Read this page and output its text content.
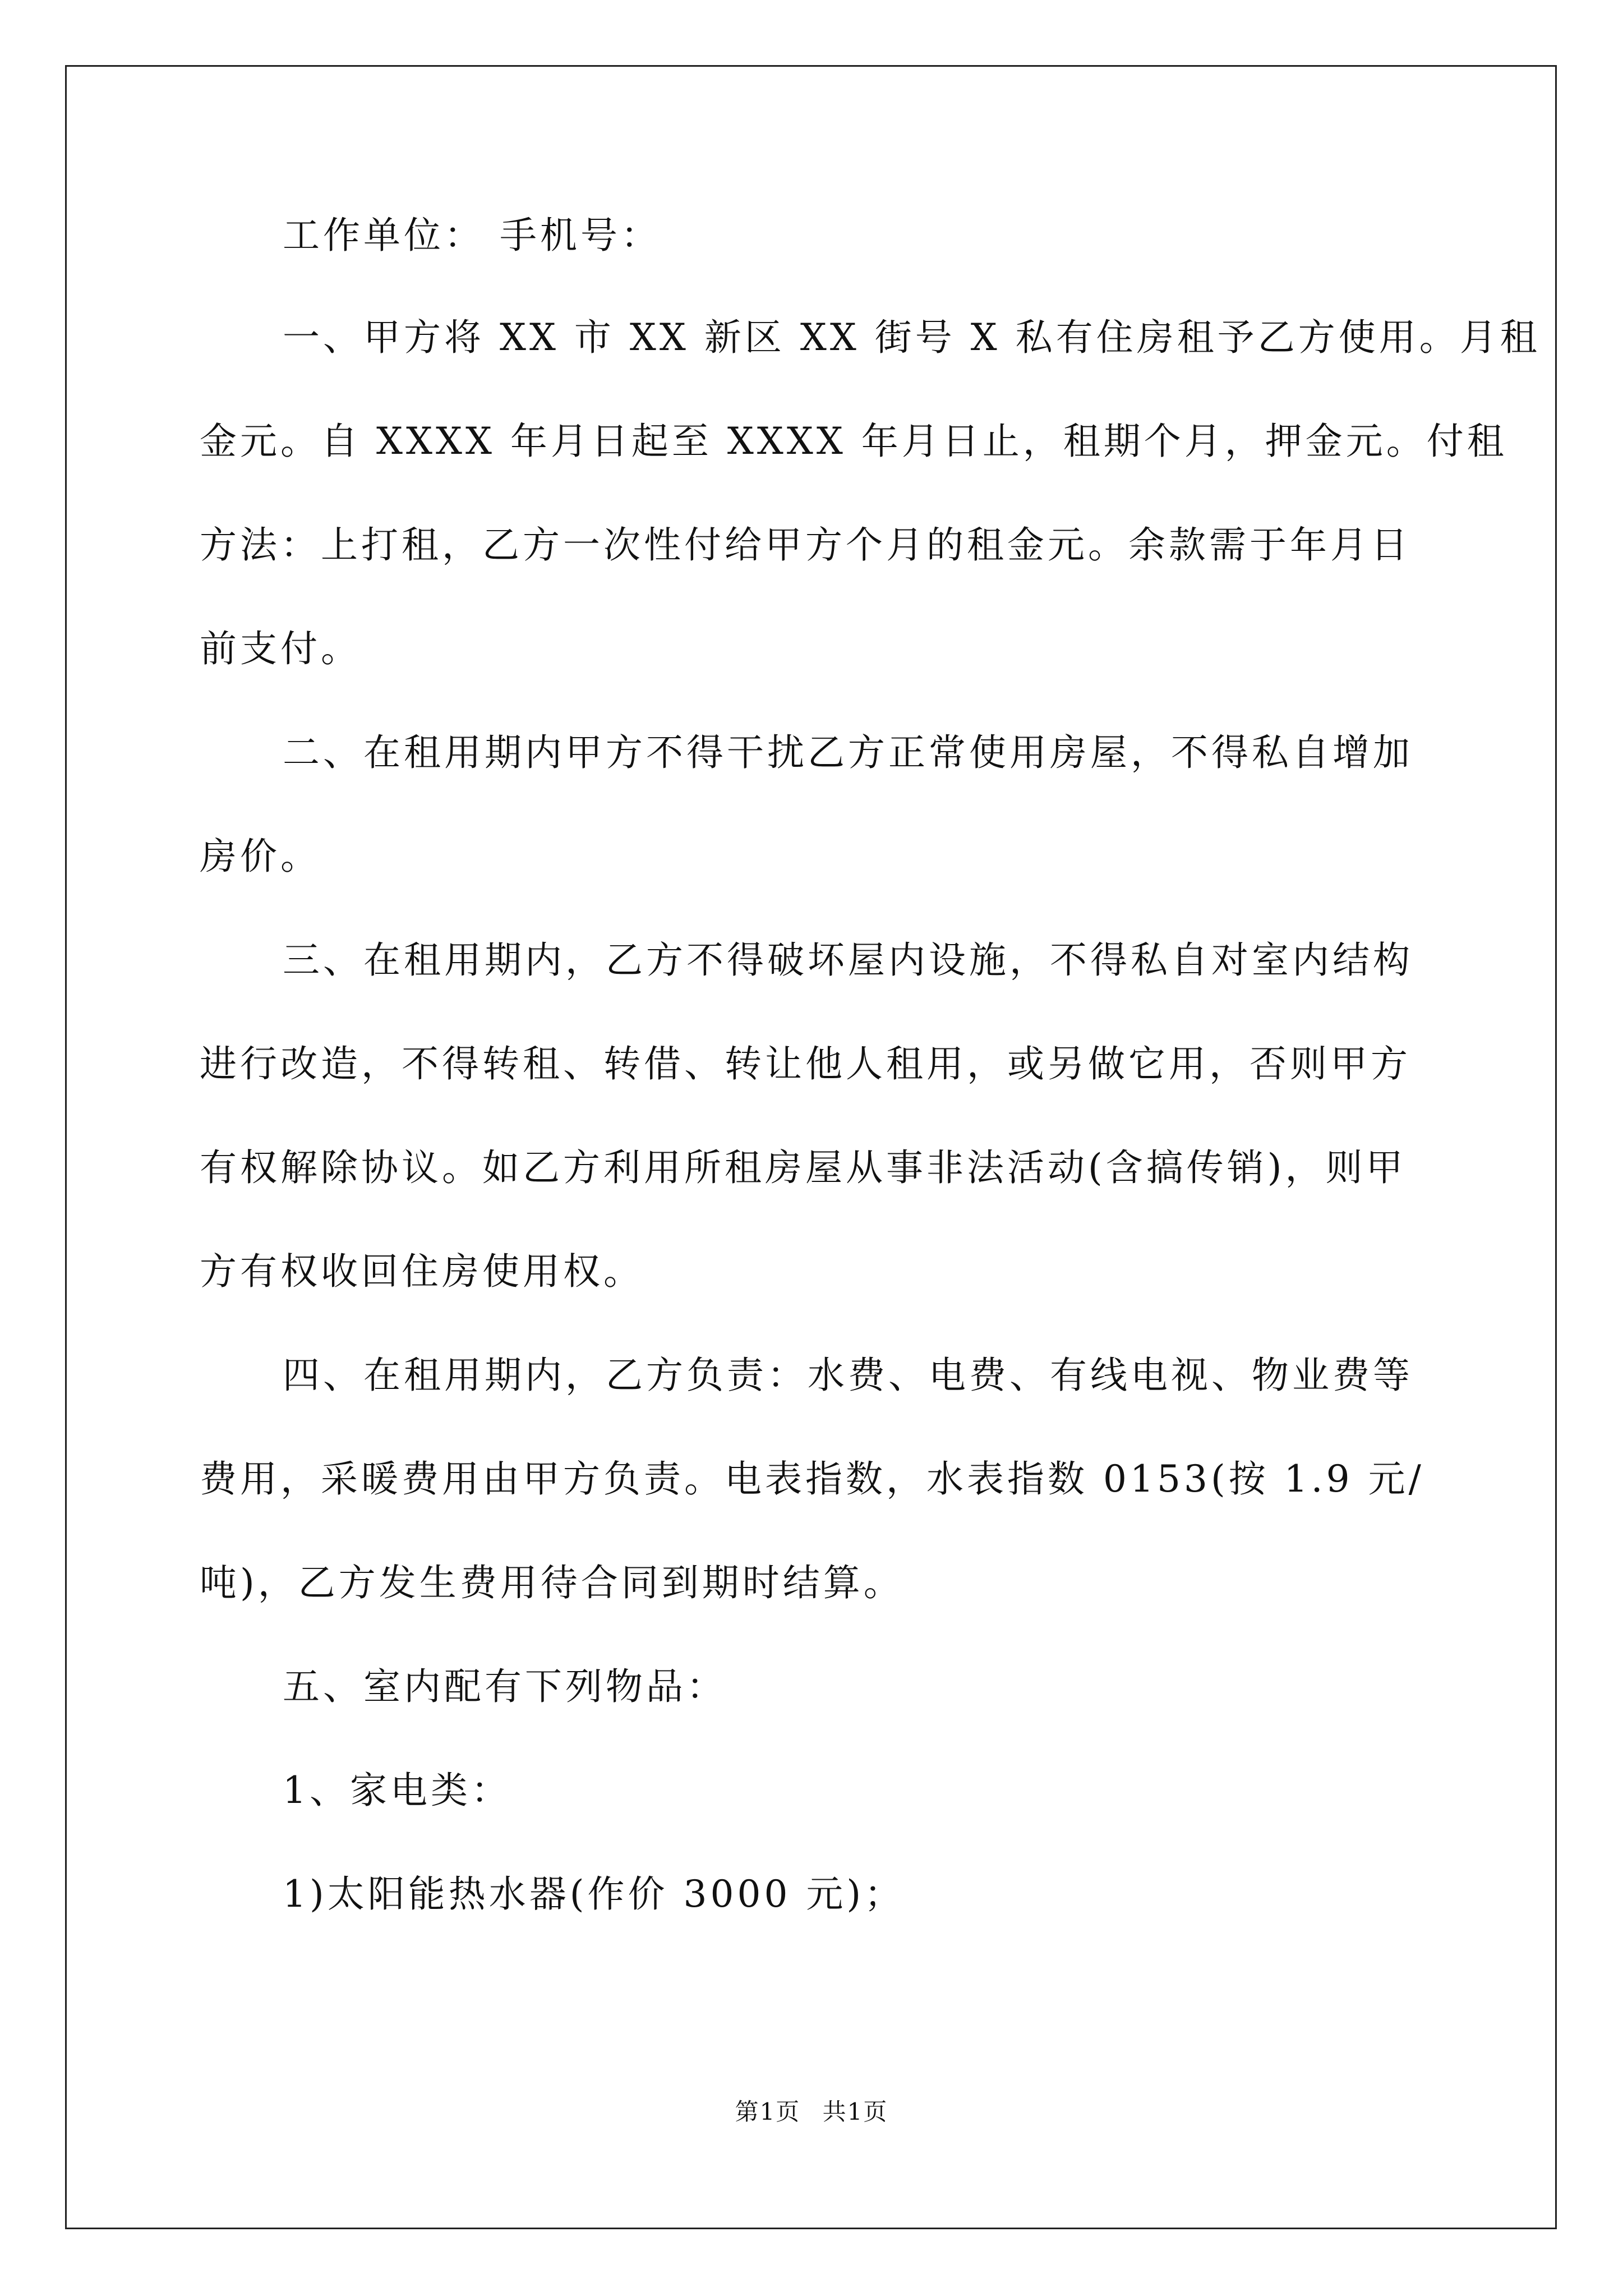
工作单位： 手机号：
一、甲方将 XX 市 XX 新区 XX 街号 X 私有住房租予乙方使用。月租
金元。自 XXXX 年月日起至 XXXX 年月日止，租期个月，押金元。付租
方法：上打租，乙方一次性付给甲方个月的租金元。余款需于年月日
前支付。
二、在租用期内甲方不得干扰乙方正常使用房屋，不得私自增加
房价。
三、在租用期内，乙方不得破坏屋内设施，不得私自对室内结构
进行改造，不得转租、转借、转让他人租用，或另做它用，否则甲方
有权解除协议。如乙方利用所租房屋从事非法活动(含搞传销)，则甲
方有权收回住房使用权。
四、在租用期内，乙方负责：水费、电费、有线电视、物业费等
费用，采暖费用由甲方负责。电表指数，水表指数 0153(按 1.9 元/
吨)，乙方发生费用待合同到期时结算。
五、室内配有下列物品：
1、家电类：
1)太阳能热水器(作价 3000 元)；
第1页 共1页
